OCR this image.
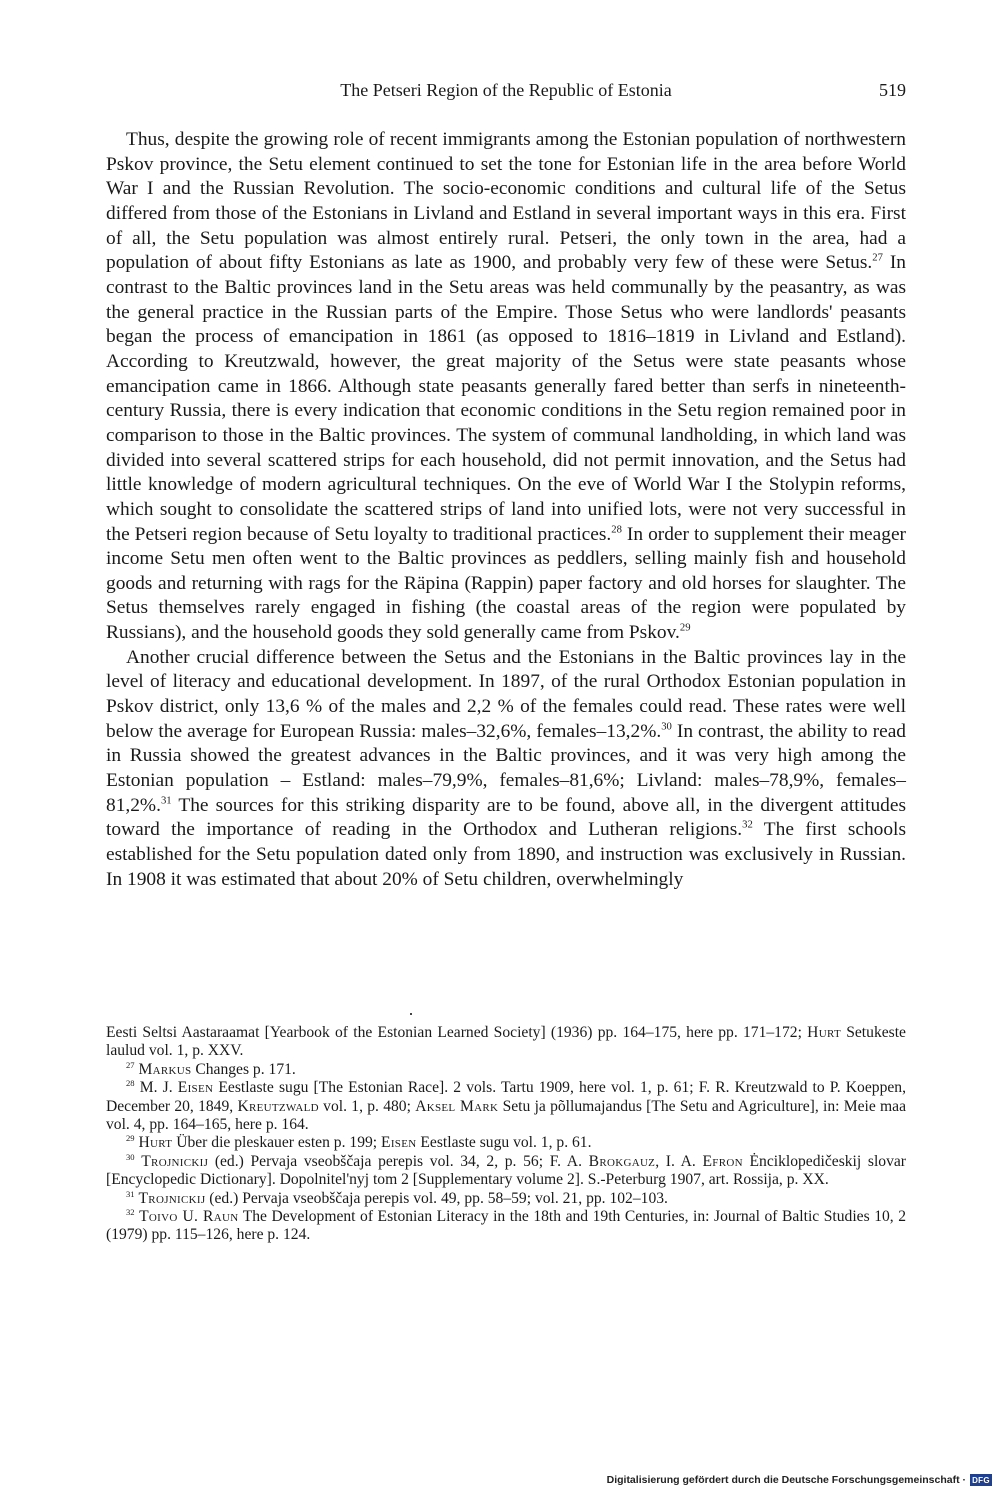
The Petseri Region of the Republic of Estonia	519

Thus, despite the growing role of recent immigrants among the Estonian population of northwestern Pskov province, the Setu element continued to set the tone for Estonian life in the area before World War I and the Russian Revolution. The socio-economic conditions and cultural life of the Setus differed from those of the Estonians in Livland and Estland in several important ways in this era. First of all, the Setu population was almost entirely rural. Petseri, the only town in the area, had a population of about fifty Estonians as late as 1900, and probably very few of these were Setus.$^{27}$ In contrast to the Baltic provinces land in the Setu areas was held communally by the peasantry, as was the general practice in the Russian parts of the Empire. Those Setus who were landlords' peasants began the process of emancipation in 1861 (as opposed to 1816–1819 in Livland and Estland). According to Kreutzwald, however, the great majority of the Setus were state peasants whose emancipation came in 1866. Although state peasants generally fared better than serfs in nineteenth-century Russia, there is every indication that economic conditions in the Setu region remained poor in comparison to those in the Baltic provinces. The system of communal landholding, in which land was divided into several scattered strips for each household, did not permit innovation, and the Setus had little knowledge of modern agricultural techniques. On the eve of World War I the Stolypin reforms, which sought to consolidate the scattered strips of land into unified lots, were not very successful in the Petseri region because of Setu loyalty to traditional practices.$^{28}$ In order to supplement their meager income Setu men often went to the Baltic provinces as peddlers, selling mainly fish and household goods and returning with rags for the Räpina (Rappin) paper factory and old horses for slaughter. The Setus themselves rarely engaged in fishing (the coastal areas of the region were populated by Russians), and the household goods they sold generally came from Pskov.$^{29}$

Another crucial difference between the Setus and the Estonians in the Baltic provinces lay in the level of literacy and educational development. In 1897, of the rural Orthodox Estonian population in Pskov district, only 13,6 % of the males and 2,2 % of the females could read. These rates were well below the average for European Russia: males–32,6%, females–13,2%.$^{30}$ In contrast, the ability to read in Russia showed the greatest advances in the Baltic provinces, and it was very high among the Estonian population – Estland: males–79,9%, females–81,6%; Livland: males–78,9%, females–81,2%.$^{31}$ The sources for this striking disparity are to be found, above all, in the divergent attitudes toward the importance of reading in the Orthodox and Lutheran religions.$^{32}$ The first schools established for the Setu population dated only from 1890, and instruction was exclusively in Russian. In 1908 it was estimated that about 20% of Setu children, overwhelmingly

Eesti Seltsi Aastaraamat [Yearbook of the Estonian Learned Society] (1936) pp. 164–175, here pp. 171–172; Hurt Setukeste laulud vol. 1, p. XXV.

$^{27}$ Markus Changes p. 171.

$^{28}$ M. J. Eisen Eestlaste sugu [The Estonian Race]. 2 vols. Tartu 1909, here vol. 1, p. 61; F. R. Kreutzwald to P. Koeppen, December 20, 1849, Kreutzwald vol. 1, p. 480; Aksel Mark Setu ja põllumajandus [The Setu and Agriculture], in: Meie maa vol. 4, pp. 164–165, here p. 164.

$^{29}$ Hurt Über die pleskauer esten p. 199; Eisen Eestlaste sugu vol. 1, p. 61.

$^{30}$ Trojnickij (ed.) Pervaja vseobščaja perepis vol. 34, 2, p. 56; F. A. Brokgauz, I. A. Efron Ėnciklopedičeskij slovar [Encyclopedic Dictionary]. Dopolnitel'nyj tom 2 [Supplementary volume 2]. S.-Peterburg 1907, art. Rossija, p. XX.

$^{31}$ Trojnickij (ed.) Pervaja vseobščaja perepis vol. 49, pp. 58–59; vol. 21, pp. 102–103.

$^{32}$ Toivo U. Raun The Development of Estonian Literacy in the 18th and 19th Centuries, in: Journal of Baltic Studies 10, 2 (1979) pp. 115–126, here p. 124.

Digitalisierung gefördert durch die Deutsche Forschungsgemeinschaft · DFG
